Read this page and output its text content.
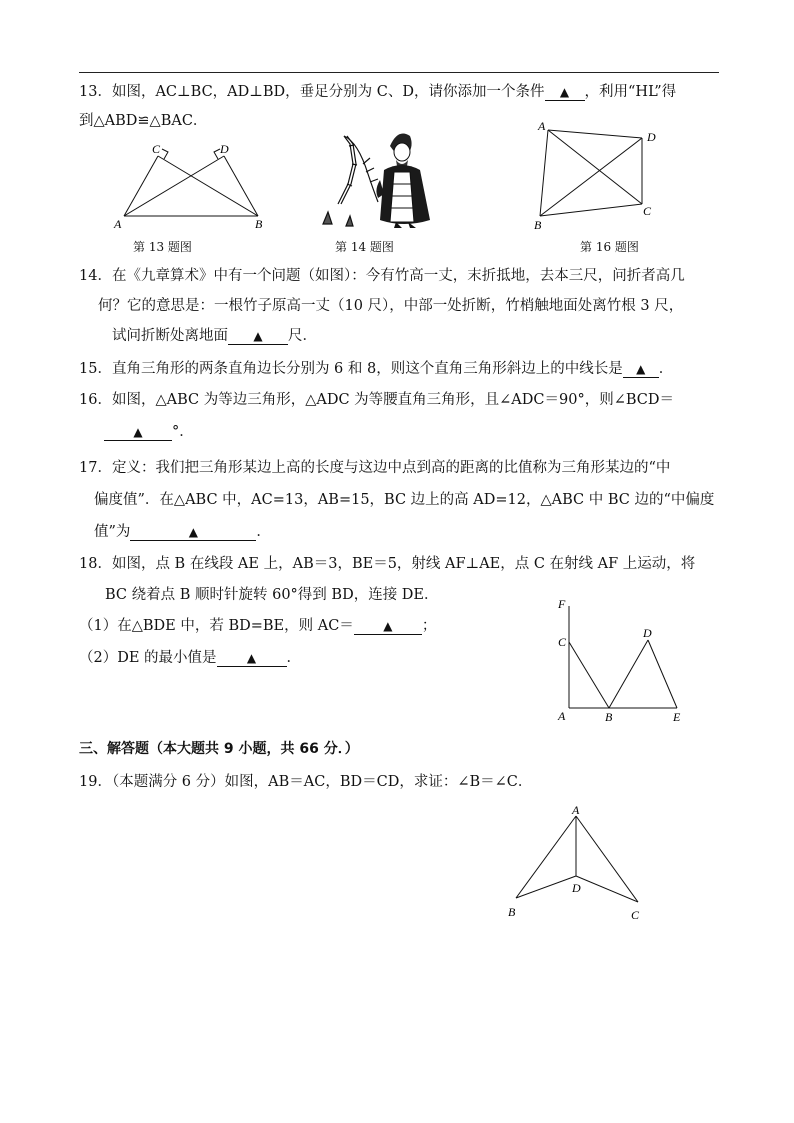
13．如图，AC⊥BC，AD⊥BD，垂足分别为 C、D，请你添加一个条件 ▲ ，利用“HL”得
到△ABD≌△BAC．
A	B
C	D
第 13 题图	第 14 题图
A
B
C
D
第 16 题图
14．在《九章算术》中有一个问题（如图）：今有竹高一丈，末折抵地，去本三尺，问折者高几
何？它的意思是：一根竹子原高一丈（10 尺），中部一处折断，竹梢触地面处离竹根 3 尺，
试问折断处离地面 ▲ 尺．
15．直角三角形的两条直角边长分别为 6 和 8，则这个直角三角形斜边上的中线长是 ▲ ．
16．如图，△ABC 为等边三角形，△ADC 为等腰直角三角形，且∠ADC＝90°，则∠BCD＝
▲ °．
17．定义：我们把三角形某边上高的长度与这边中点到高的距离的比值称为三角形某边的“中
偏度值”．在△ABC 中，AC=13，AB=15，BC 边上的高 AD=12，△ABC 中 BC 边的“中偏度
值”为	▲	．
18．如图，点 B 在线段 AE 上，AB＝3，BE＝5，射线 AF⊥AE，点 C 在射线 AF 上运动，将
BC 绕着点 B 顺时针旋转 60°得到 BD，连接 DE．
（1）在△BDE 中，若 BD=BE，则 AC＝ ▲ ；
（2）DE 的最小值是	▲ ．
F
C
D
A	B	E
三、解答题（本大题共 9 小题，共 66 分．）
19．（本题满分 6 分）如图，AB＝AC，BD＝CD，求证：∠B＝∠C．
A
B	C
D
